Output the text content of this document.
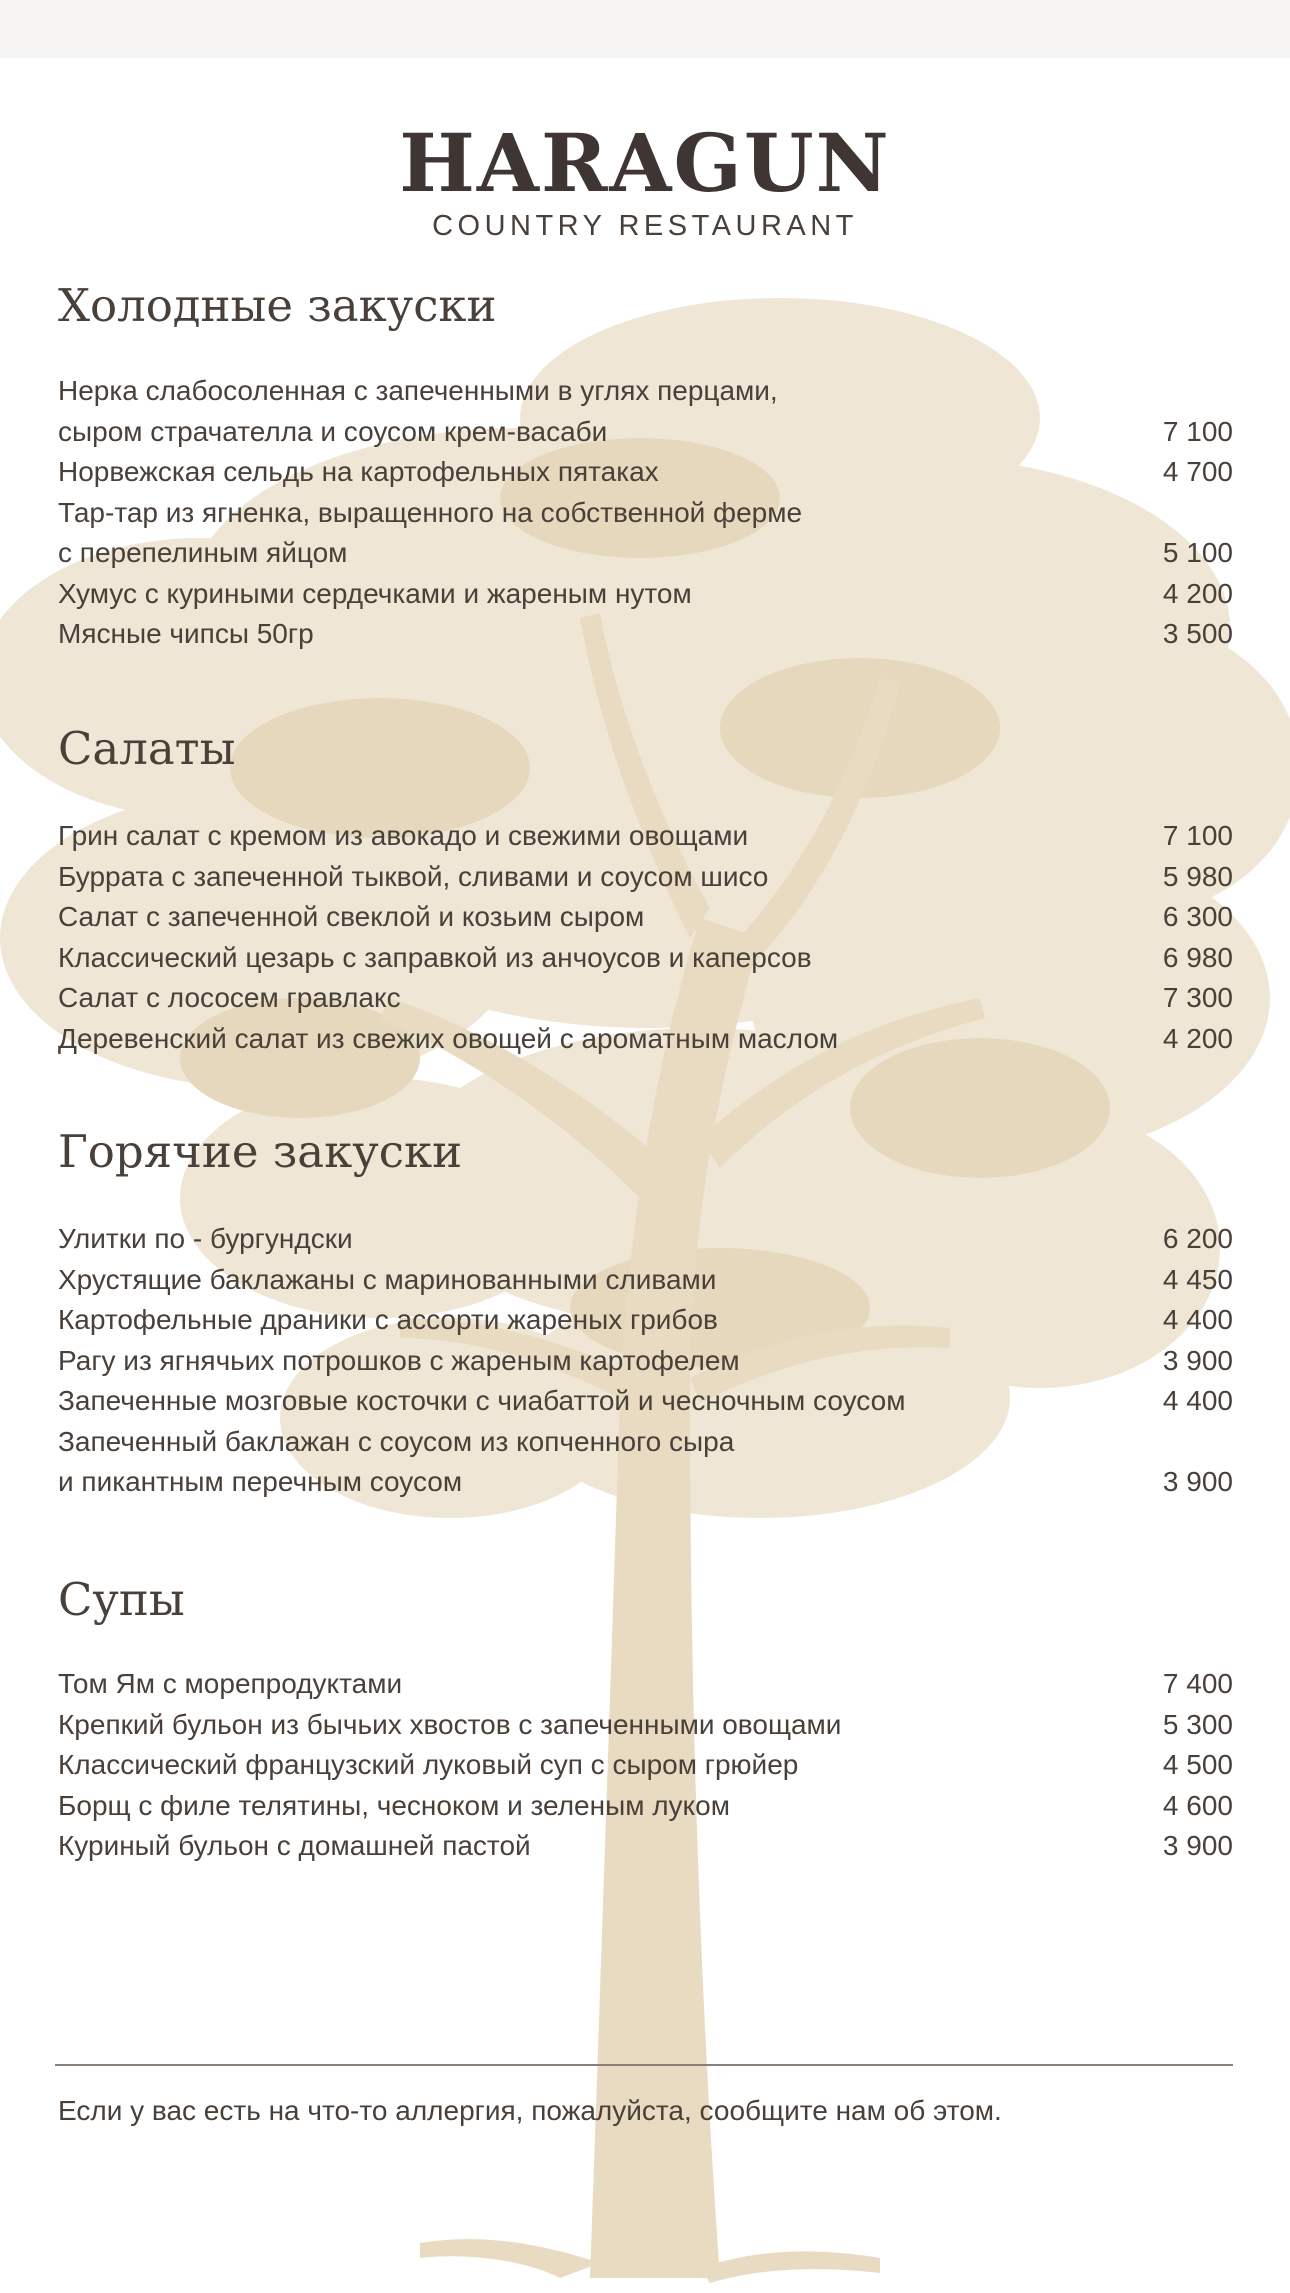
HARAGUN
COUNTRY RESTAURANT
Холодные закуски
Нерка слабосоленная с запеченными в углях перцами,
сыром страчателла и соусом крем-васаби	7 100
Норвежская сельдь на картофельных пятаках	4 700
Тар-тар из ягненка, выращенного на собственной ферме
с перепелиным яйцом	5 100
Хумус с куриными сердечками и жареным нутом	4 200
Мясные чипсы 50гр	3 500
Салаты
Грин салат с кремом из авокадо и свежими овощами	7 100
Буррата с запеченной тыквой, сливами и соусом шисо	5 980
Салат с запеченной свеклой и козьим сыром	6 300
Классический цезарь с заправкой из анчоусов и каперсов	6 980
Салат с лососем гравлакс	7 300
Деревенский салат из свежих овощей с ароматным маслом	4 200
Горячие закуски
Улитки по - бургундски	6 200
Хрустящие баклажаны с маринованными сливами	4 450
Картофельные драники с ассорти жареных грибов	4 400
Рагу из ягнячьих потрошков с жареным картофелем	3 900
Запеченные мозговые косточки с чиабаттой и чесночным соусом	4 400
Запеченный баклажан с соусом из копченного сыра
и пикантным перечным соусом	3 900
Супы
Том Ям с морепродуктами	7 400
Крепкий бульон из бычьих хвостов с запеченными овощами	5 300
Классический французский луковый суп с сыром грюйер	4 500
Борщ с филе телятины, чесноком и зеленым луком	4 600
Куриный бульон с домашней пастой	3 900
Если у вас есть на что-то аллергия, пожалуйста, сообщите нам об этом.
